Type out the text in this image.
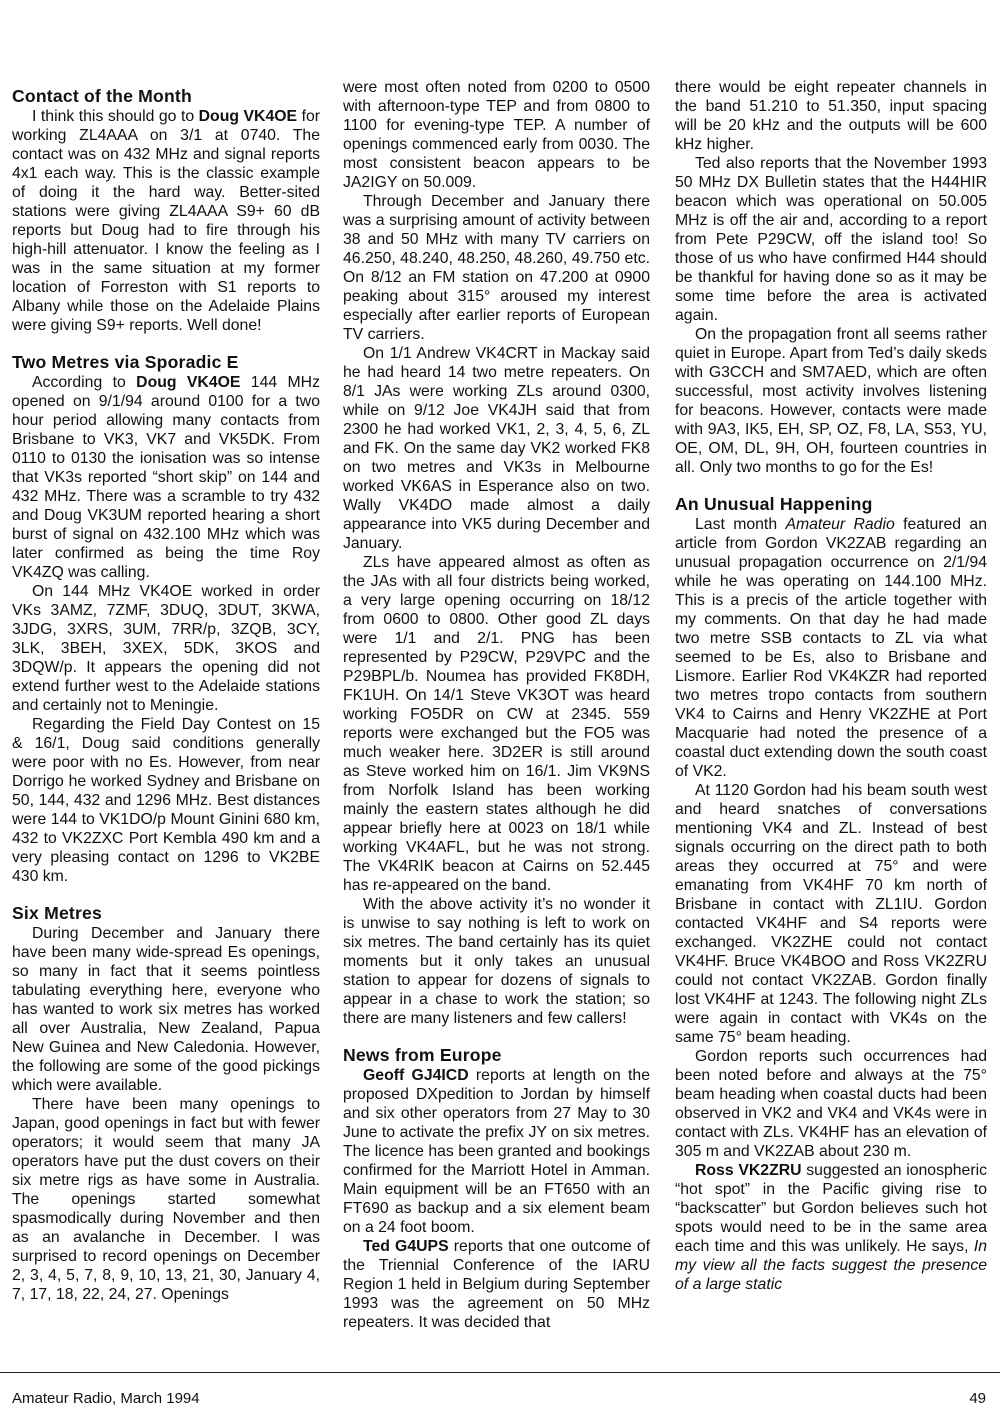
Contact of the Month

I think this should go to Doug VK4OE for working ZL4AAA on 3/1 at 0740. The contact was on 432 MHz and signal reports 4x1 each way. This is the classic example of doing it the hard way. Better-sited stations were giving ZL4AAA S9+ 60 dB reports but Doug had to fire through his high-hill attenuator. I know the feeling as I was in the same situation at my former location of Forreston with S1 reports to Albany while those on the Adelaide Plains were giving S9+ reports. Well done!

Two Metres via Sporadic E

According to Doug VK4OE 144 MHz opened on 9/1/94 around 0100 for a two hour period allowing many contacts from Brisbane to VK3, VK7 and VK5DK. From 0110 to 0130 the ionisation was so intense that VK3s reported “short skip” on 144 and 432 MHz. There was a scramble to try 432 and Doug VK3UM reported hearing a short burst of signal on 432.100 MHz which was later confirmed as being the time Roy VK4ZQ was calling.

On 144 MHz VK4OE worked in order VKs 3AMZ, 7ZMF, 3DUQ, 3DUT, 3KWA, 3JDG, 3XRS, 3UM, 7RR/p, 3ZQB, 3CY, 3LK, 3BEH, 3XEX, 5DK, 3KOS and 3DQW/p. It appears the opening did not extend further west to the Adelaide stations and certainly not to Meningie.

Regarding the Field Day Contest on 15 & 16/1, Doug said conditions generally were poor with no Es. However, from near Dorrigo he worked Sydney and Brisbane on 50, 144, 432 and 1296 MHz. Best distances were 144 to VK1DO/p Mount Ginini 680 km, 432 to VK2ZXC Port Kembla 490 km and a very pleasing contact on 1296 to VK2BE 430 km.

Six Metres

During December and January there have been many wide-spread Es openings, so many in fact that it seems pointless tabulating everything here, everyone who has wanted to work six metres has worked all over Australia, New Zealand, Papua New Guinea and New Caledonia. However, the following are some of the good pickings which were available.

There have been many openings to Japan, good openings in fact but with fewer operators; it would seem that many JA operators have put the dust covers on their six metre rigs as have some in Australia. The openings started somewhat spasmodically during November and then as an avalanche in December. I was surprised to record openings on December 2, 3, 4, 5, 7, 8, 9, 10, 13, 21, 30, January 4, 7, 17, 18, 22, 24, 27. Openings

were most often noted from 0200 to 0500 with afternoon-type TEP and from 0800 to 1100 for evening-type TEP. A number of openings commenced early from 0030. The most consistent beacon appears to be JA2IGY on 50.009.

Through December and January there was a surprising amount of activity between 38 and 50 MHz with many TV carriers on 46.250, 48.240, 48.250, 48.260, 49.750 etc. On 8/12 an FM station on 47.200 at 0900 peaking about 315° aroused my interest especially after earlier reports of European TV carriers.

On 1/1 Andrew VK4CRT in Mackay said he had heard 14 two metre repeaters. On 8/1 JAs were working ZLs around 0300, while on 9/12 Joe VK4JH said that from 2300 he had worked VK1, 2, 3, 4, 5, 6, ZL and FK. On the same day VK2 worked FK8 on two metres and VK3s in Melbourne worked VK6AS in Esperance also on two. Wally VK4DO made almost a daily appearance into VK5 during December and January.

ZLs have appeared almost as often as the JAs with all four districts being worked, a very large opening occurring on 18/12 from 0600 to 0800. Other good ZL days were 1/1 and 2/1. PNG has been represented by P29CW, P29VPC and the P29BPL/b. Noumea has provided FK8DH, FK1UH. On 14/1 Steve VK3OT was heard working FO5DR on CW at 2345. 559 reports were exchanged but the FO5 was much weaker here. 3D2ER is still around as Steve worked him on 16/1. Jim VK9NS from Norfolk Island has been working mainly the eastern states although he did appear briefly here at 0023 on 18/1 while working VK4AFL, but he was not strong. The VK4RIK beacon at Cairns on 52.445 has re-appeared on the band.

With the above activity it’s no wonder it is unwise to say nothing is left to work on six metres. The band certainly has its quiet moments but it only takes an unusual station to appear for dozens of signals to appear in a chase to work the station; so there are many listeners and few callers!

News from Europe

Geoff GJ4ICD reports at length on the proposed DXpedition to Jordan by himself and six other operators from 27 May to 30 June to activate the prefix JY on six metres. The licence has been granted and bookings confirmed for the Marriott Hotel in Amman. Main equipment will be an FT650 with an FT690 as backup and a six element beam on a 24 foot boom.

Ted G4UPS reports that one outcome of the Triennial Conference of the IARU Region 1 held in Belgium during September 1993 was the agreement on 50 MHz repeaters. It was decided that

there would be eight repeater channels in the band 51.210 to 51.350, input spacing will be 20 kHz and the outputs will be 600 kHz higher.

Ted also reports that the November 1993 50 MHz DX Bulletin states that the H44HIR beacon which was operational on 50.005 MHz is off the air and, according to a report from Pete P29CW, off the island too! So those of us who have confirmed H44 should be thankful for having done so as it may be some time before the area is activated again.

On the propagation front all seems rather quiet in Europe. Apart from Ted’s daily skeds with G3CCH and SM7AED, which are often successful, most activity involves listening for beacons. However, contacts were made with 9A3, IK5, EH, SP, OZ, F8, LA, S53, YU, OE, OM, DL, 9H, OH, fourteen countries in all. Only two months to go for the Es!

An Unusual Happening

Last month Amateur Radio featured an article from Gordon VK2ZAB regarding an unusual propagation occurrence on 2/1/94 while he was operating on 144.100 MHz. This is a precis of the article together with my comments. On that day he had made two metre SSB contacts to ZL via what seemed to be Es, also to Brisbane and Lismore. Earlier Rod VK4KZR had reported two metres tropo contacts from southern VK4 to Cairns and Henry VK2ZHE at Port Macquarie had noted the presence of a coastal duct extending down the south coast of VK2.

At 1120 Gordon had his beam south west and heard snatches of conversations mentioning VK4 and ZL. Instead of best signals occurring on the direct path to both areas they occurred at 75° and were emanating from VK4HF 70 km north of Brisbane in contact with ZL1IU. Gordon contacted VK4HF and S4 reports were exchanged. VK2ZHE could not contact VK4HF. Bruce VK4BOO and Ross VK2ZRU could not contact VK2ZAB. Gordon finally lost VK4HF at 1243. The following night ZLs were again in contact with VK4s on the same 75° beam heading.

Gordon reports such occurrences had been noted before and always at the 75° beam heading when coastal ducts had been observed in VK2 and VK4 and VK4s were in contact with ZLs. VK4HF has an elevation of 305 m and VK2ZAB about 230 m.

Ross VK2ZRU suggested an ionospheric “hot spot” in the Pacific giving rise to “backscatter” but Gordon believes such hot spots would need to be in the same area each time and this was unlikely. He says, In my view all the facts suggest the presence of a large static

Amateur Radio, March 1994	49
